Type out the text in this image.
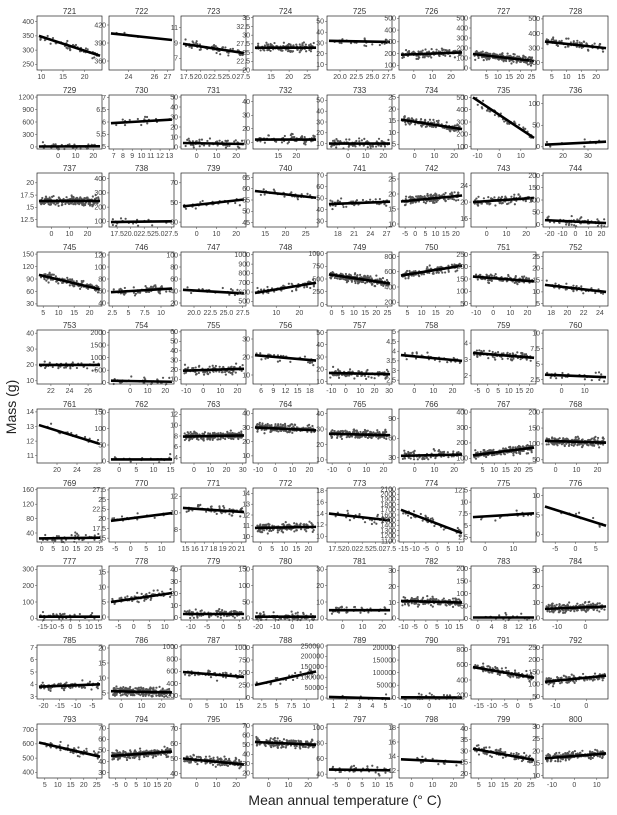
721
250
300
350
400
10 15 20
722
360
390
420
24	26 27
723
7
9
11
17.5 20.0 22.5 25.0 27.5
724
20
22.5
25
27.5
30
32.5
35
15 20 25
725
10
20
30
40
50
20.0 22.5 25.0 27.5
726
100
200
300
400
500
0 10 20
727
0
100
200
300
400
500
5 10 15 20 25
728
200
300
400
500
5 10 15 20
729
0
300
600
900
1200
0 10 20
730
5
5.5
6
6.5
7
7 8 9 10 11 12 13
731
0
10
20
30
40
50
0 10 20
732
10
20
30
40
15 20
733
10
20
30
40
50
0 10 20
734
5
10
15
20
25
0 10 20
735
100
200
300
400
500
-10 0 10
736
0
50
100
20 30
737
12.5
15
17.5
20
0 10 20
738
100
200
300
400
17.5 20.0 22.5 25.0 27.5
739
30
50
70
0 10 20
740
45
50
55
60
65
15 20 25
741
30
40
50
60
70
18 21 24 27
742
10
15
20
25
-5 0 5 10 15 20
743
16
20
24
0 10 20
744
0
50
100
150
200
-20 -10 0 10 20
745
30
60
90
120
150
5 10 15 20
746
40
60
80
100
120
2.5 5 7.5 10
747
20
40
60
80
100
20.0 22.5 25.0 27.5
748
500
600
700
800
900
1000
10 20
749
0
250
500
750
1000
0 5 10 15 20 25
750
200
400
600
800
5 10 15 20
751
50
100
150
200
250
-10 0 10 20
752
5
10
15
20
25
18 20 22 24
753
10
20
30
40
22 24 26
754
0
500
1000
1500
2000
0 10 20
755
10
20
30
40
50
60
-10 0 10 20
756
10
20
30
6 9 12 15 18
757
10
20
30
40
50
-10 0 10 20 30
758
2.5
3
3.5
4
4.5
5
0 10 20
759
2
3
4
-5 0 5 10 15 20
760
2.5
5
7.5
10
0 10
761
11
12
13
14
20 24 28
762
0
50
100
150
0 5 10 15
763
4
6
8
10
12
0 10 20 30
764
10
20
30
40
-10 0 10 20
765
10
20
30
40
-10 0 10 20
766
30
60
90
0 10 20
767
100
200
300
400
5 10 15 20 25
768
50
100
150
200
0 10 20
769
40
80
120
160
0 5 10 15 20 25
770
15
17.5
20
22.5
25
27.5
-5 0 5 10
771
8
10
12
15 16 17 18 19 20 21
772
10
11
12
13
14
0 5 10 15 20
773
10
12
14
16
18
17.5 20.0 22.5 25.0 27.5
774
1100
1200
1300
1400
1500
1600
1700
1800
1900
2000
2100
-15 -10 -5 0 5 10
775
2.5
5
7.5
10
12.5
0	10
776
0
5
10
-5 0 5
777
0
100
200
300
-15 -10 -5 0 5 10 15
778
0
5
10
15
-5 0 5 10
779
0
10
20
30
40
-10 -5 0 5
780
0
50
100
150
-20 -10 0 10
781
0
10
20
30
0 10 20
782
0
10
20
30
-10 -5 0 5 10 15
783
0
50
100
150
200
0 4 8 12 16
784
0
10
20
30
-10	0
785
3
4
5
6
7
-20 -15 -10 -5
786
5
10
15
20
0 10 20
787
200
400
600
800
1000
0 5 10 15
788
0
250
500
750
1000
2.5 5 7.5 10
789
0
50000
100000
150000
200000
250000
1 2 3 4 5
790
0
50000
100000
150000
200000
-10 0 10
791
200
400
600
800
-15 -10 -5 0 5
792
50
100
150
200
250
-10	0
793
400
500
600
700
5 10 15 20 25
794
30
40
50
60
70
-5 0 5 10 15 20
795
40
50
60
70
0 10 20
796
20
30
40
50
60
70
0 10 20
797
40
60
80
100
-5 0 5 10 15
798
12
14
16
18
0 10 20
799
20
25
30
35
40
5 10 15 20 25
800
10
15
20
25
30
-10 0 10
Mass (g)
Mean annual temperature (° C)
